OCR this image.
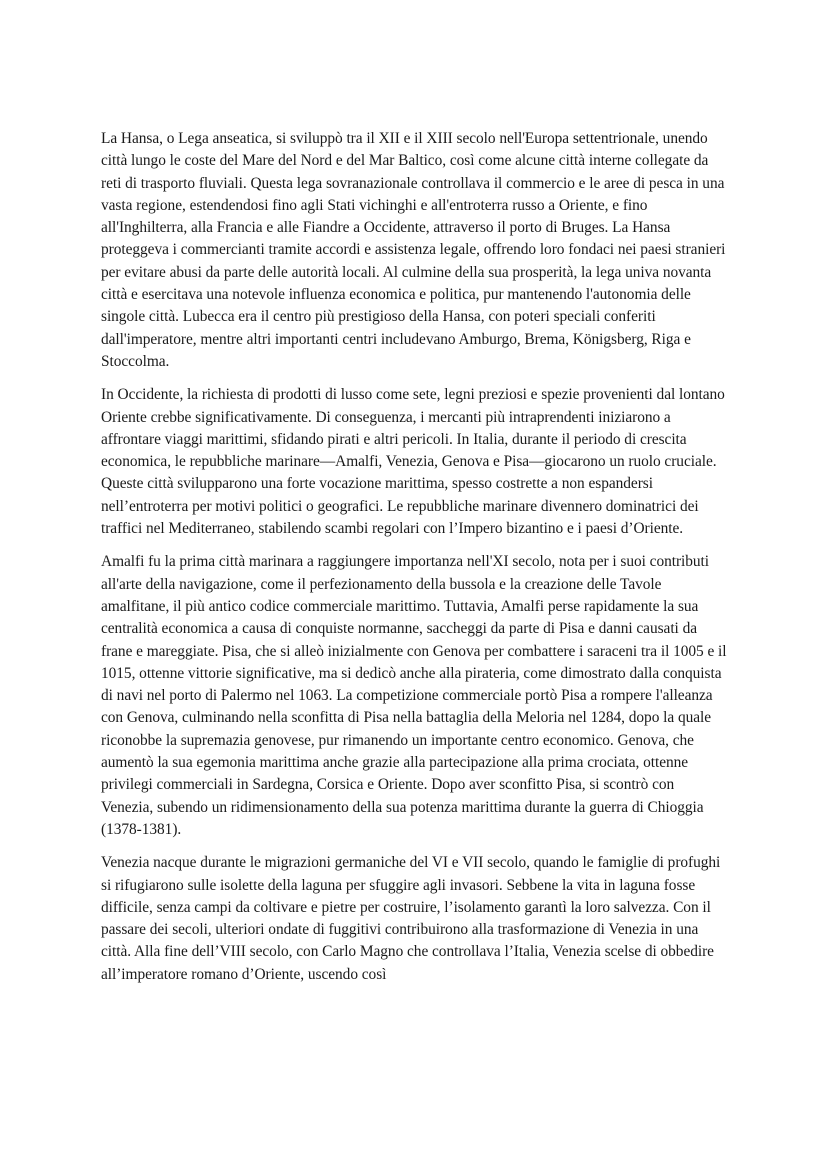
La Hansa, o Lega anseatica, si sviluppò tra il XII e il XIII secolo nell'Europa settentrionale, unendo città lungo le coste del Mare del Nord e del Mar Baltico, così come alcune città interne collegate da reti di trasporto fluviali. Questa lega sovranazionale controllava il commercio e le aree di pesca in una vasta regione, estendendosi fino agli Stati vichinghi e all'entroterra russo a Oriente, e fino all'Inghilterra, alla Francia e alle Fiandre a Occidente, attraverso il porto di Bruges. La Hansa proteggeva i commercianti tramite accordi e assistenza legale, offrendo loro fondaci nei paesi stranieri per evitare abusi da parte delle autorità locali. Al culmine della sua prosperità, la lega univa novanta città e esercitava una notevole influenza economica e politica, pur mantenendo l'autonomia delle singole città. Lubecca era il centro più prestigioso della Hansa, con poteri speciali conferiti dall'imperatore, mentre altri importanti centri includevano Amburgo, Brema, Königsberg, Riga e Stoccolma.

In Occidente, la richiesta di prodotti di lusso come sete, legni preziosi e spezie provenienti dal lontano Oriente crebbe significativamente. Di conseguenza, i mercanti più intraprendenti iniziarono a affrontare viaggi marittimi, sfidando pirati e altri pericoli. In Italia, durante il periodo di crescita economica, le repubbliche marinare—Amalfi, Venezia, Genova e Pisa—giocarono un ruolo cruciale. Queste città svilupparono una forte vocazione marittima, spesso costrette a non espandersi nell’entroterra per motivi politici o geografici. Le repubbliche marinare divennero dominatrici dei traffici nel Mediterraneo, stabilendo scambi regolari con l’Impero bizantino e i paesi d’Oriente.

Amalfi fu la prima città marinara a raggiungere importanza nell'XI secolo, nota per i suoi contributi all'arte della navigazione, come il perfezionamento della bussola e la creazione delle Tavole amalfitane, il più antico codice commerciale marittimo. Tuttavia, Amalfi perse rapidamente la sua centralità economica a causa di conquiste normanne, saccheggi da parte di Pisa e danni causati da frane e mareggiate. Pisa, che si alleò inizialmente con Genova per combattere i saraceni tra il 1005 e il 1015, ottenne vittorie significative, ma si dedicò anche alla pirateria, come dimostrato dalla conquista di navi nel porto di Palermo nel 1063. La competizione commerciale portò Pisa a rompere l'alleanza con Genova, culminando nella sconfitta di Pisa nella battaglia della Meloria nel 1284, dopo la quale riconobbe la supremazia genovese, pur rimanendo un importante centro economico. Genova, che aumentò la sua egemonia marittima anche grazie alla partecipazione alla prima crociata, ottenne privilegi commerciali in Sardegna, Corsica e Oriente. Dopo aver sconfitto Pisa, si scontrò con Venezia, subendo un ridimensionamento della sua potenza marittima durante la guerra di Chioggia (1378-1381).

Venezia nacque durante le migrazioni germaniche del VI e VII secolo, quando le famiglie di profughi si rifugiarono sulle isolette della laguna per sfuggire agli invasori. Sebbene la vita in laguna fosse difficile, senza campi da coltivare e pietre per costruire, l’isolamento garantì la loro salvezza. Con il passare dei secoli, ulteriori ondate di fuggitivi contribuirono alla trasformazione di Venezia in una città. Alla fine dell’VIII secolo, con Carlo Magno che controllava l’Italia, Venezia scelse di obbedire all’imperatore romano d’Oriente, uscendo così
